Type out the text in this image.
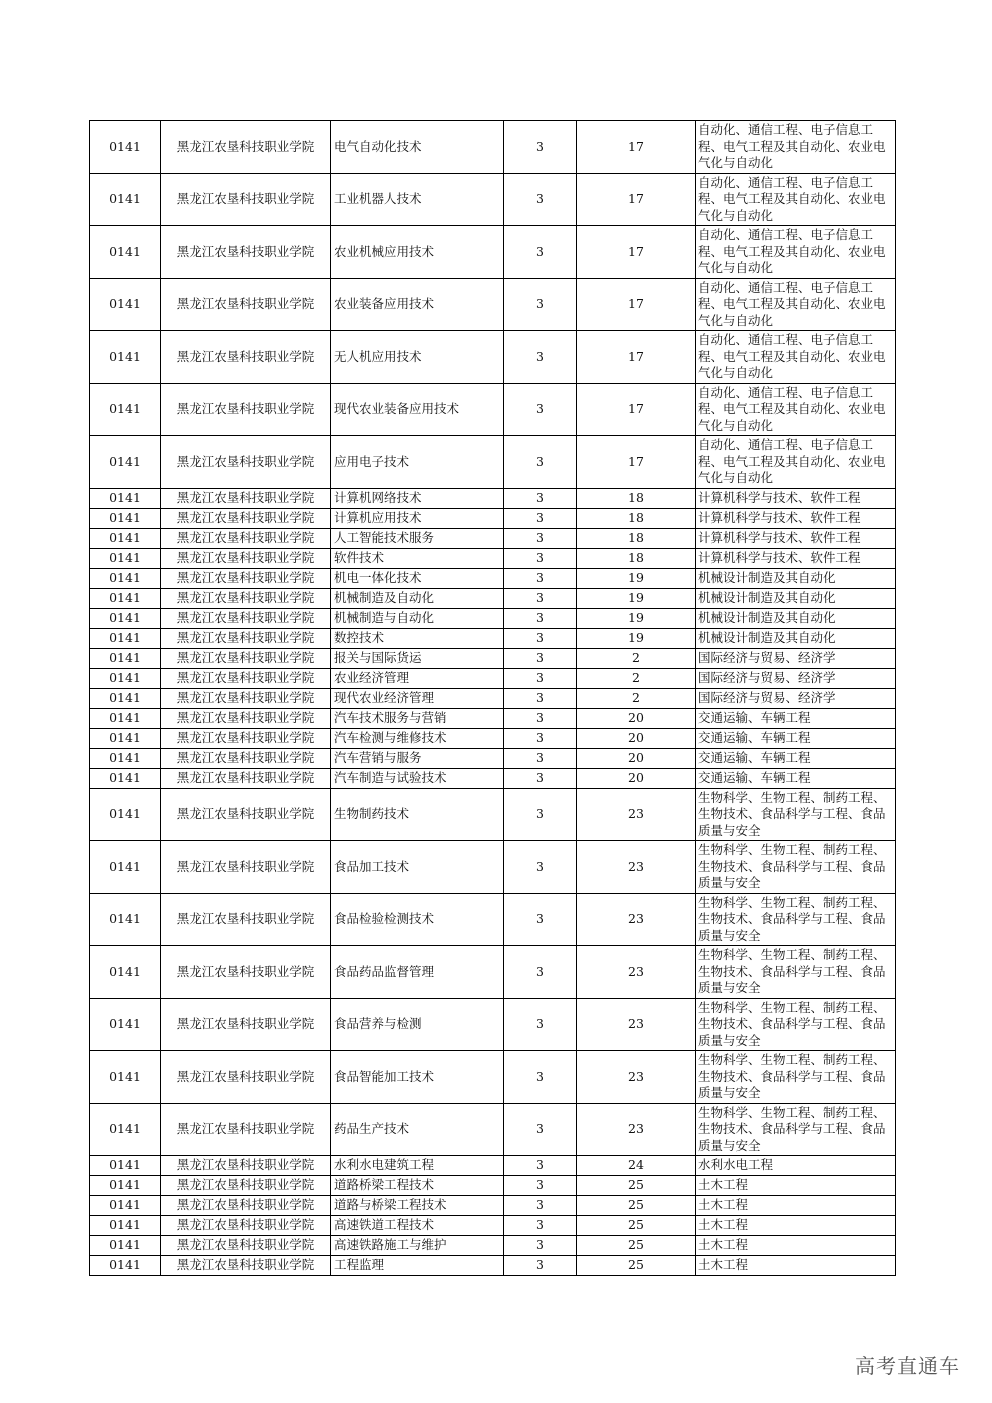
0141	黑龙江农垦科技职业学院	电气自动化技术	3	17	自动化、通信工程、电子信息工程、电气工程及其自动化、农业电气化与自动化
0141	黑龙江农垦科技职业学院	工业机器人技术	3	17	自动化、通信工程、电子信息工程、电气工程及其自动化、农业电气化与自动化
0141	黑龙江农垦科技职业学院	农业机械应用技术	3	17	自动化、通信工程、电子信息工程、电气工程及其自动化、农业电气化与自动化
0141	黑龙江农垦科技职业学院	农业装备应用技术	3	17	自动化、通信工程、电子信息工程、电气工程及其自动化、农业电气化与自动化
0141	黑龙江农垦科技职业学院	无人机应用技术	3	17	自动化、通信工程、电子信息工程、电气工程及其自动化、农业电气化与自动化
0141	黑龙江农垦科技职业学院	现代农业装备应用技术	3	17	自动化、通信工程、电子信息工程、电气工程及其自动化、农业电气化与自动化
0141	黑龙江农垦科技职业学院	应用电子技术	3	17	自动化、通信工程、电子信息工程、电气工程及其自动化、农业电气化与自动化
0141	黑龙江农垦科技职业学院	计算机网络技术	3	18	计算机科学与技术、软件工程
0141	黑龙江农垦科技职业学院	计算机应用技术	3	18	计算机科学与技术、软件工程
0141	黑龙江农垦科技职业学院	人工智能技术服务	3	18	计算机科学与技术、软件工程
0141	黑龙江农垦科技职业学院	软件技术	3	18	计算机科学与技术、软件工程
0141	黑龙江农垦科技职业学院	机电一体化技术	3	19	机械设计制造及其自动化
0141	黑龙江农垦科技职业学院	机械制造及自动化	3	19	机械设计制造及其自动化
0141	黑龙江农垦科技职业学院	机械制造与自动化	3	19	机械设计制造及其自动化
0141	黑龙江农垦科技职业学院	数控技术	3	19	机械设计制造及其自动化
0141	黑龙江农垦科技职业学院	报关与国际货运	3	2	国际经济与贸易、经济学
0141	黑龙江农垦科技职业学院	农业经济管理	3	2	国际经济与贸易、经济学
0141	黑龙江农垦科技职业学院	现代农业经济管理	3	2	国际经济与贸易、经济学
0141	黑龙江农垦科技职业学院	汽车技术服务与营销	3	20	交通运输、车辆工程
0141	黑龙江农垦科技职业学院	汽车检测与维修技术	3	20	交通运输、车辆工程
0141	黑龙江农垦科技职业学院	汽车营销与服务	3	20	交通运输、车辆工程
0141	黑龙江农垦科技职业学院	汽车制造与试验技术	3	20	交通运输、车辆工程
0141	黑龙江农垦科技职业学院	生物制药技术	3	23	生物科学、生物工程、制药工程、生物技术、食品科学与工程、食品质量与安全
0141	黑龙江农垦科技职业学院	食品加工技术	3	23	生物科学、生物工程、制药工程、生物技术、食品科学与工程、食品质量与安全
0141	黑龙江农垦科技职业学院	食品检验检测技术	3	23	生物科学、生物工程、制药工程、生物技术、食品科学与工程、食品质量与安全
0141	黑龙江农垦科技职业学院	食品药品监督管理	3	23	生物科学、生物工程、制药工程、生物技术、食品科学与工程、食品质量与安全
0141	黑龙江农垦科技职业学院	食品营养与检测	3	23	生物科学、生物工程、制药工程、生物技术、食品科学与工程、食品质量与安全
0141	黑龙江农垦科技职业学院	食品智能加工技术	3	23	生物科学、生物工程、制药工程、生物技术、食品科学与工程、食品质量与安全
0141	黑龙江农垦科技职业学院	药品生产技术	3	23	生物科学、生物工程、制药工程、生物技术、食品科学与工程、食品质量与安全
0141	黑龙江农垦科技职业学院	水利水电建筑工程	3	24	水利水电工程
0141	黑龙江农垦科技职业学院	道路桥梁工程技术	3	25	土木工程
0141	黑龙江农垦科技职业学院	道路与桥梁工程技术	3	25	土木工程
0141	黑龙江农垦科技职业学院	高速铁道工程技术	3	25	土木工程
0141	黑龙江农垦科技职业学院	高速铁路施工与维护	3	25	土木工程
0141	黑龙江农垦科技职业学院	工程监理	3	25	土木工程
高考直通车
